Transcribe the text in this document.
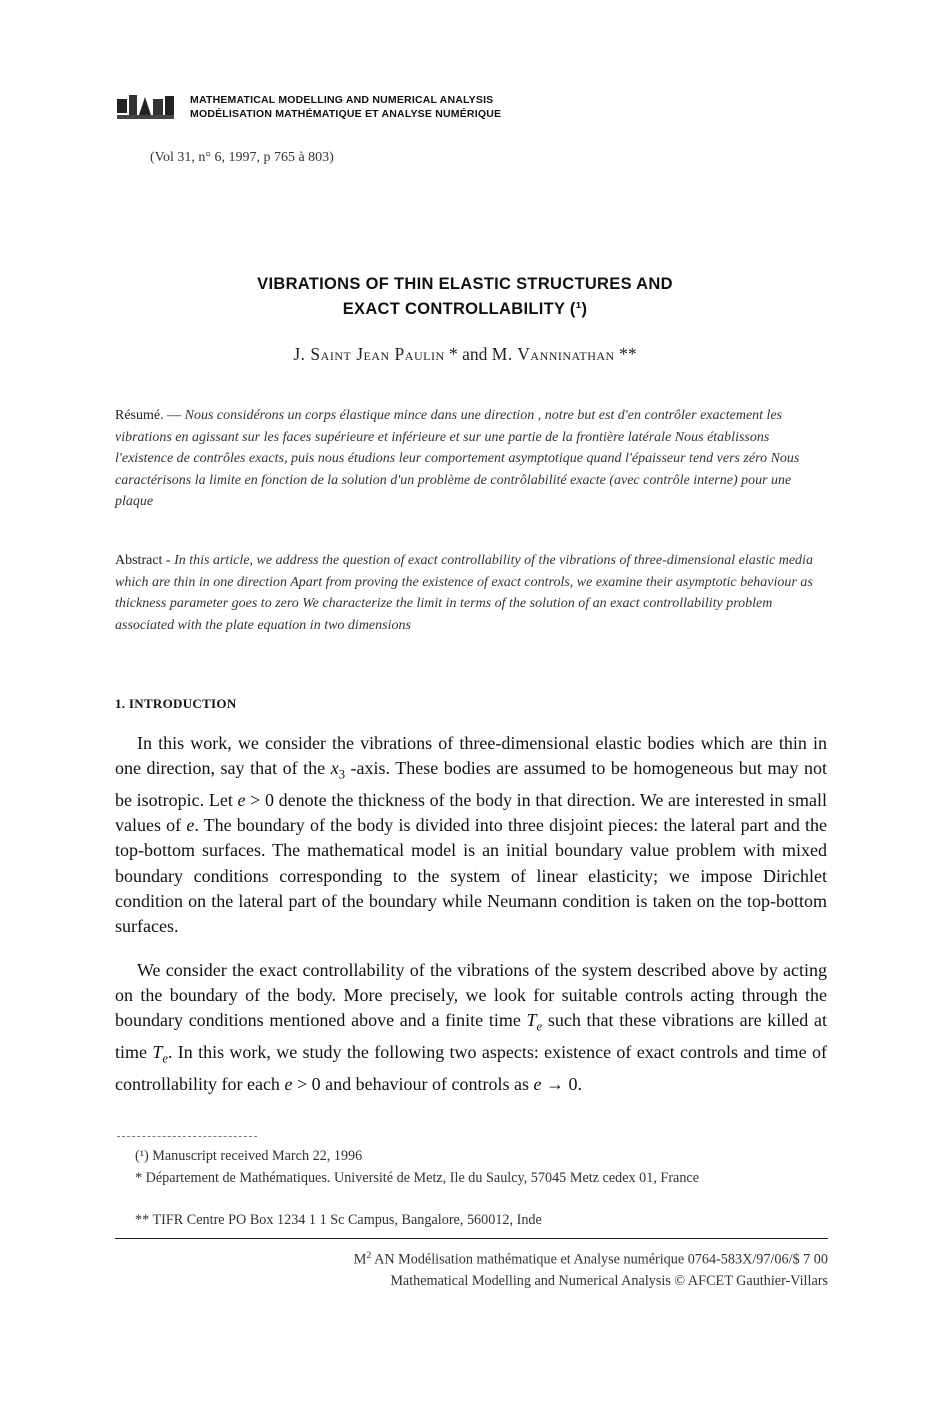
MATHEMATICAL MODELLING AND NUMERICAL ANALYSIS
MODÉLISATION MATHÉMATIQUE ET ANALYSE NUMÉRIQUE
(Vol 31, n° 6, 1997, p 765 à 803)
VIBRATIONS OF THIN ELASTIC STRUCTURES AND
EXACT CONTROLLABILITY (¹)
J. Saint Jean Paulin * and M. Vanninathan **
Résumé. — Nous considérons un corps élastique mince dans une direction , notre but est d'en contrôler exactement les vibrations en agissant sur les faces supérieure et inférieure et sur une partie de la frontière latérale Nous établissons l'existence de contrôles exacts, puis nous étudions leur comportement asymptotique quand l'épaisseur tend vers zéro Nous caractérisons la limite en fonction de la solution d'un problème de contrôlabilité exacte (avec contrôle interne) pour une plaque
Abstract - In this article, we address the question of exact controllability of the vibrations of three-dimensional elastic media which are thin in one direction Apart from proving the existence of exact controls, we examine their asymptotic behaviour as thickness parameter goes to zero We characterize the limit in terms of the solution of an exact controllability problem associated with the plate equation in two dimensions
1. INTRODUCTION
In this work, we consider the vibrations of three-dimensional elastic bodies which are thin in one direction, say that of the $x_3$ -axis. These bodies are assumed to be homogeneous but may not be isotropic. Let e > 0 denote the thickness of the body in that direction. We are interested in small values of e. The boundary of the body is divided into three disjoint pieces: the lateral part and the top-bottom surfaces. The mathematical model is an initial boundary value problem with mixed boundary conditions corresponding to the system of linear elasticity; we impose Dirichlet condition on the lateral part of the boundary while Neumann condition is taken on the top-bottom surfaces.
We consider the exact controllability of the vibrations of the system described above by acting on the boundary of the body. More precisely, we look for suitable controls acting through the boundary conditions mentioned above and a finite time $T_e$ such that these vibrations are killed at time $T_e$. In this work, we study the following two aspects: existence of exact controls and time of controllability for each e > 0 and behaviour of controls as e → 0.
(¹) Manuscript received March 22, 1996
* Département de Mathématiques. Université de Metz, Ile du Saulcy, 57045 Metz cedex 01, France
** TIFR Centre PO Box 1234 1 1 Sc Campus, Bangalore, 560012, Inde
$M^2$ AN Modélisation mathématique et Analyse numérique 0764-583X/97/06/$ 7 00
Mathematical Modelling and Numerical Analysis © AFCET Gauthier-Villars
